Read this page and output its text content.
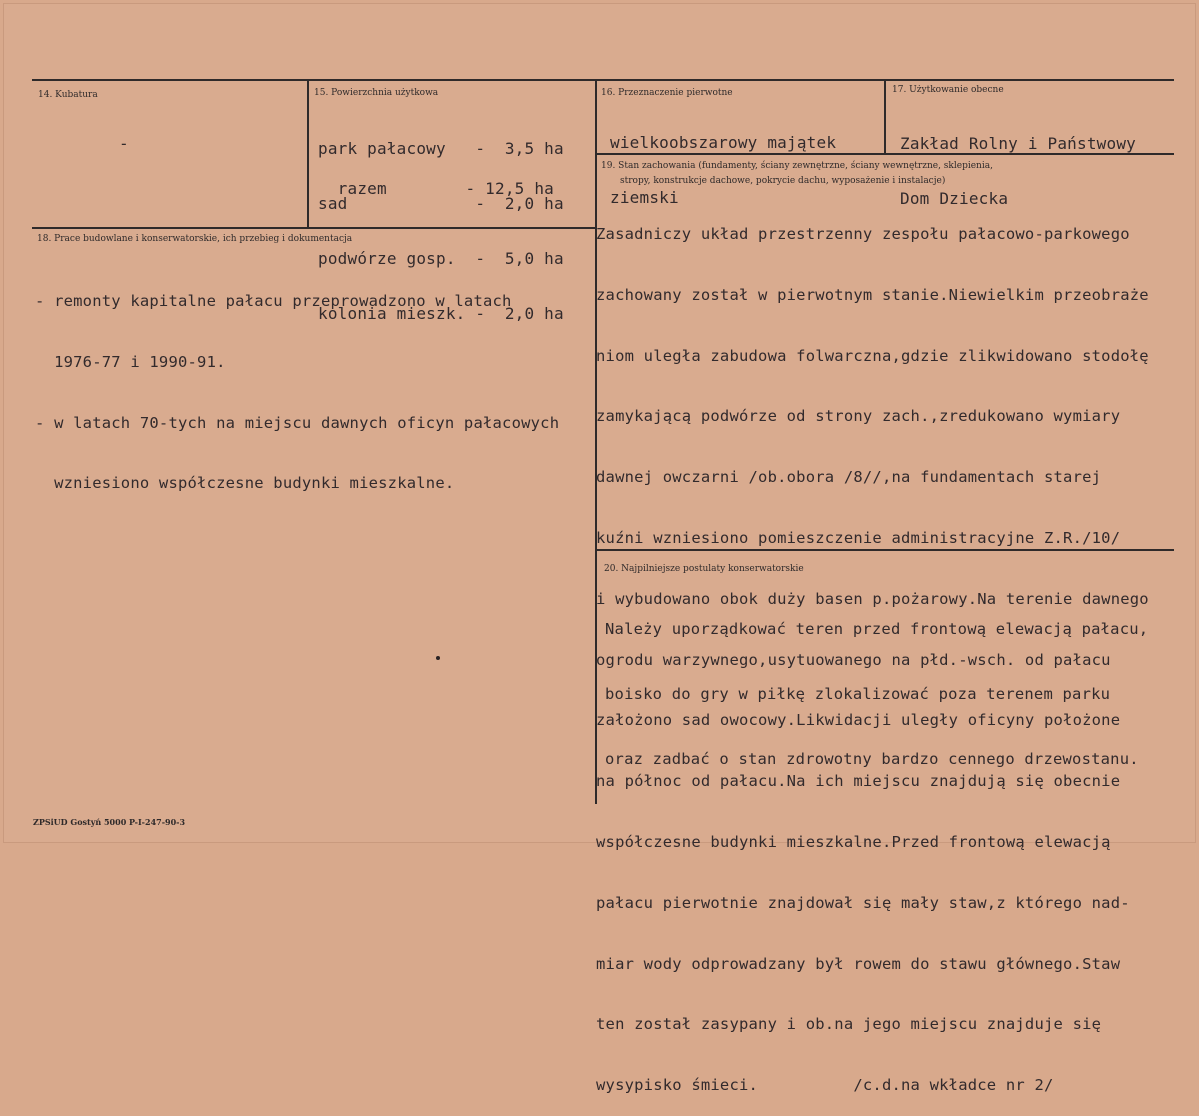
14. Kubatura
-
15. Powierzchnia użytkowa

park pałacowy   -  3,5 ha

sad             -  2,0 ha

podwórze gosp.  -  5,0 ha

kolonia mieszk. -  2,0 ha

razem        - 12,5 ha
16. Przeznaczenie pierwotne

wielkoobszarowy majątek

ziemski

17. Użytkowanie obecne

Zakład Rolny i Państwowy

Dom Dziecka

18. Prace budowlane i konserwatorskie, ich przebieg i dokumentacja

- remonty kapitalne pałacu przeprowadzono w latach

1976-77 i 1990-91.

- w latach 70-tych na miejscu dawnych oficyn pałacowych

wzniesiono współczesne budynki mieszkalne.

19. Stan zachowania (fundamenty, ściany zewnętrzne, ściany wewnętrzne, sklepienia,
stropy, konstrukcje dachowe, pokrycie dachu, wyposażenie i instalacje)

Zasadniczy układ przestrzenny zespołu pałacowo-parkowego

zachowany został w pierwotnym stanie.Niewielkim przeobraże

niom uległa zabudowa folwarczna,gdzie zlikwidowano stodołę

zamykającą podwórze od strony zach.,zredukowano wymiary

dawnej owczarni /ob.obora /8//,na fundamentach starej

kuźni wzniesiono pomieszczenie administracyjne Z.R./10/

i wybudowano obok duży basen p.pożarowy.Na terenie dawnego

ogrodu warzywnego,usytuowanego na płd.-wsch. od pałacu

założono sad owocowy.Likwidacji uległy oficyny położone

na północ od pałacu.Na ich miejscu znajdują się obecnie

współczesne budynki mieszkalne.Przed frontową elewacją

pałacu pierwotnie znajdował się mały staw,z którego nad-

miar wody odprowadzany był rowem do stawu głównego.Staw

ten został zasypany i ob.na jego miejscu znajduje się

wysypisko śmieci.          /c.d.na wkładce nr 2/

20. Najpilniejsze postulaty konserwatorskie

Należy uporządkować teren przed frontową elewacją pałacu,

boisko do gry w piłkę zlokalizować poza terenem parku

oraz zadbać o stan zdrowotny bardzo cennego drzewostanu.

ZPSiUD Gostyń 5000 P-I-247-90-3
